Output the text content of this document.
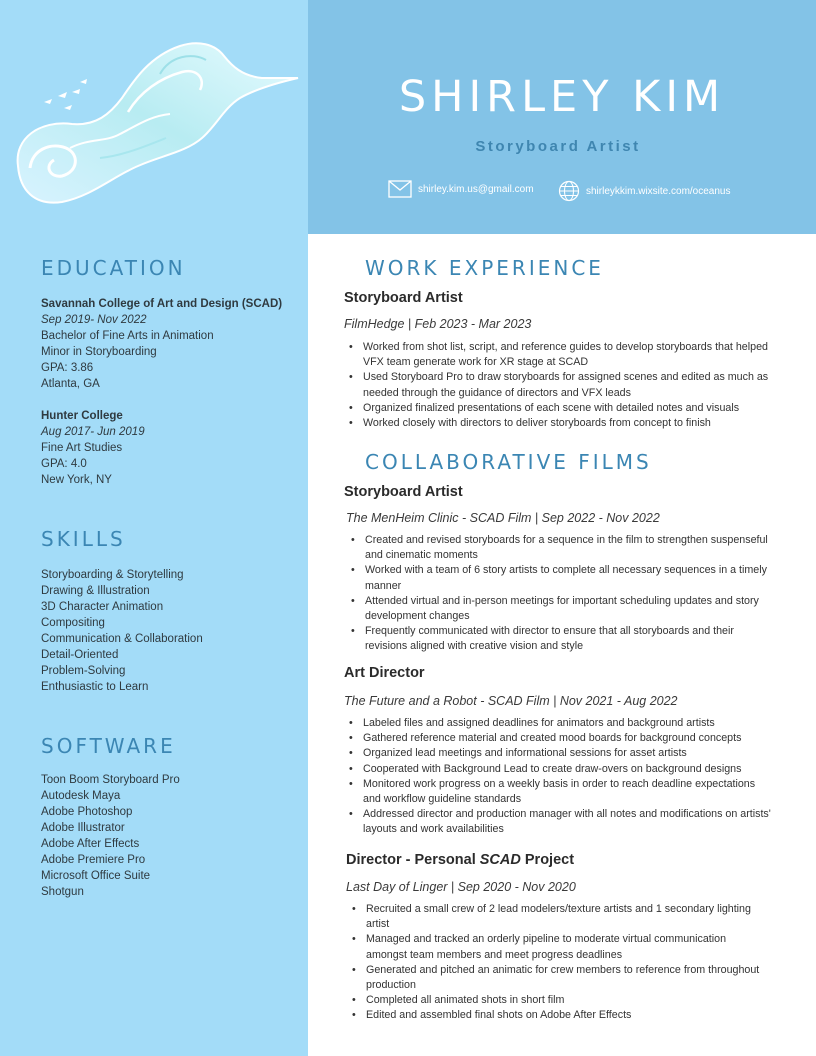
SHIRLEY KIM
Storyboard Artist
shirley.kim.us@gmail.com	shirleykkim.wixsite.com/oceanus
EDUCATION
Savannah College of Art and Design (SCAD)
Sep 2019- Nov 2022
Bachelor of Fine Arts in Animation
Minor in Storyboarding
GPA: 3.86
Atlanta, GA
Hunter College
Aug 2017- Jun 2019
Fine Art Studies
GPA: 4.0
New York, NY
SKILLS
Storyboarding & Storytelling
Drawing & Illustration
3D Character Animation
Compositing
Communication & Collaboration
Detail-Oriented
Problem-Solving
Enthusiastic to Learn
SOFTWARE
Toon Boom Storyboard Pro
Autodesk Maya
Adobe Photoshop
Adobe Illustrator
Adobe After Effects
Adobe Premiere Pro
Microsoft Office Suite
Shotgun
WORK EXPERIENCE
Storyboard Artist
FilmHedge | Feb 2023 - Mar 2023
• Worked from shot list, script, and reference guides to develop storyboards that helped VFX team generate work for XR stage at SCAD
• Used Storyboard Pro to draw storyboards for assigned scenes and edited as much as needed through the guidance of directors and VFX leads
• Organized finalized presentations of each scene with detailed notes and visuals
• Worked closely with directors to deliver storyboards from concept to finish
COLLABORATIVE FILMS
Storyboard Artist
The MenHeim Clinic - SCAD Film | Sep 2022 - Nov 2022
• Created and revised storyboards for a sequence in the film to strengthen suspenseful and cinematic moments
• Worked with a team of 6 story artists to complete all necessary sequences in a timely manner
• Attended virtual and in-person meetings for important scheduling updates and story development changes
• Frequently communicated with director to ensure that all storyboards and their revisions aligned with creative vision and style
Art Director
The Future and a Robot - SCAD Film | Nov 2021 - Aug 2022
• Labeled files and assigned deadlines for animators and background artists
• Gathered reference material and created mood boards for background concepts
• Organized lead meetings and informational sessions for asset artists
• Cooperated with Background Lead to create draw-overs on background designs
• Monitored work progress on a weekly basis in order to reach deadline expectations and workflow guideline standards
• Addressed director and production manager with all notes and modifications on artists' layouts and work availabilities
Director - Personal SCAD Project
Last Day of Linger | Sep 2020 - Nov 2020
• Recruited a small crew of 2 lead modelers/texture artists and 1 secondary lighting artist
• Managed and tracked an orderly pipeline to moderate virtual communication amongst team members and meet progress deadlines
• Generated and pitched an animatic for crew members to reference from throughout production
• Completed all animated shots in short film
• Edited and assembled final shots on Adobe After Effects
